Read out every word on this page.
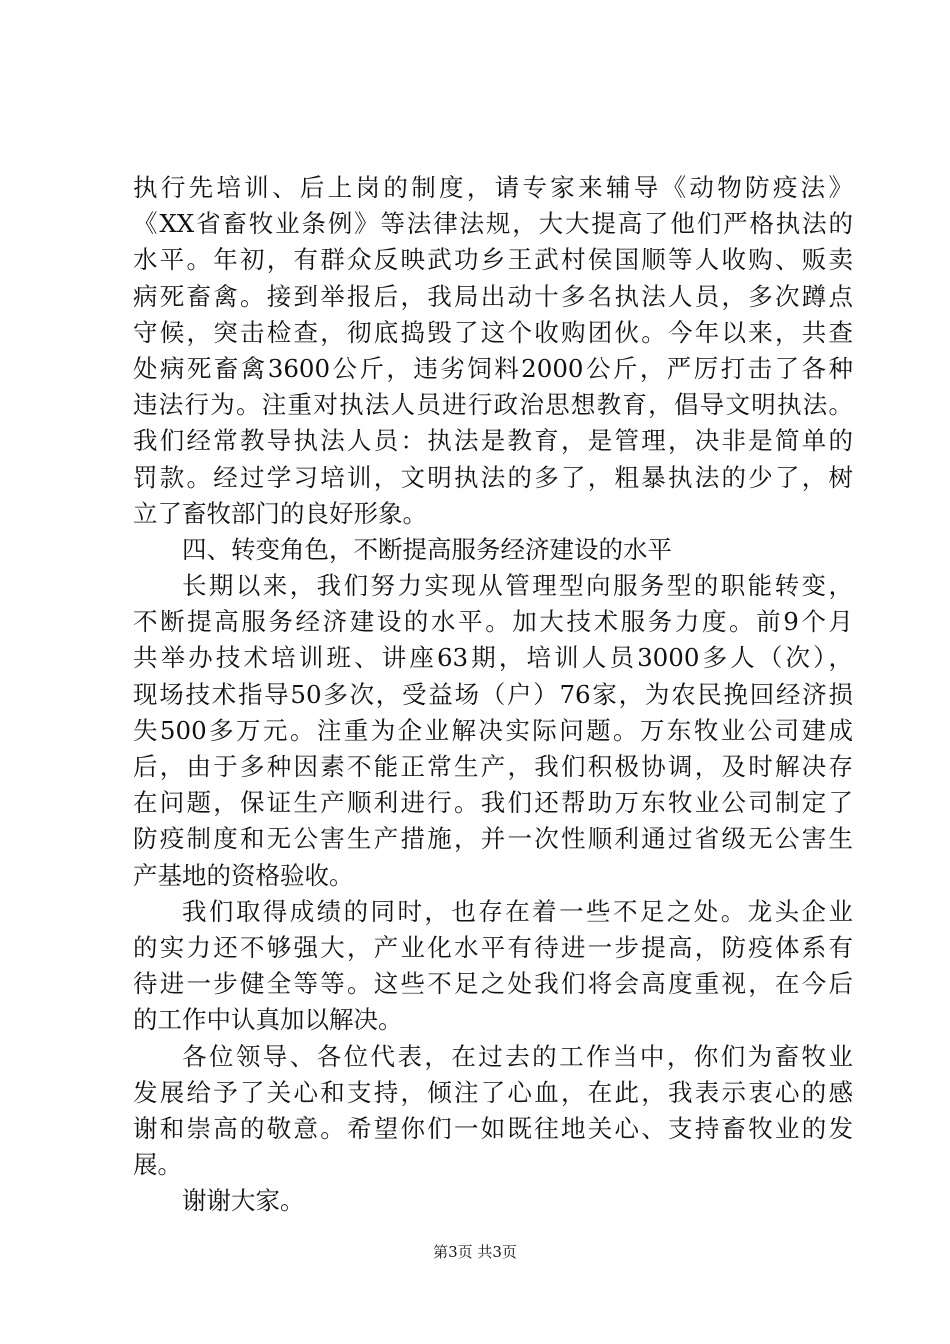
执行先培训、后上岗的制度，请专家来辅导《动物防疫法》
《XX省畜牧业条例》等法律法规，大大提高了他们严格执法的
水平。年初，有群众反映武功乡王武村侯国顺等人收购、贩卖
病死畜禽。接到举报后，我局出动十多名执法人员，多次蹲点
守候，突击检查，彻底捣毁了这个收购团伙。今年以来，共查
处病死畜禽3600公斤，违劣饲料2000公斤，严厉打击了各种
违法行为。注重对执法人员进行政治思想教育，倡导文明执法。
我们经常教导执法人员：执法是教育，是管理，决非是简单的
罚款。经过学习培训，文明执法的多了，粗暴执法的少了，树
立了畜牧部门的良好形象。
四、转变角色，不断提高服务经济建设的水平
长期以来，我们努力实现从管理型向服务型的职能转变，
不断提高服务经济建设的水平。加大技术服务力度。前9个月
共举办技术培训班、讲座63期，培训人员3000多人（次），
现场技术指导50多次，受益场（户）76家，为农民挽回经济损
失500多万元。注重为企业解决实际问题。万东牧业公司建成
后，由于多种因素不能正常生产，我们积极协调，及时解决存
在问题，保证生产顺利进行。我们还帮助万东牧业公司制定了
防疫制度和无公害生产措施，并一次性顺利通过省级无公害生
产基地的资格验收。
我们取得成绩的同时，也存在着一些不足之处。龙头企业
的实力还不够强大，产业化水平有待进一步提高，防疫体系有
待进一步健全等等。这些不足之处我们将会高度重视，在今后
的工作中认真加以解决。
各位领导、各位代表，在过去的工作当中，你们为畜牧业
发展给予了关心和支持，倾注了心血，在此，我表示衷心的感
谢和崇高的敬意。希望你们一如既往地关心、支持畜牧业的发
展。
谢谢大家。
第3页 共3页
